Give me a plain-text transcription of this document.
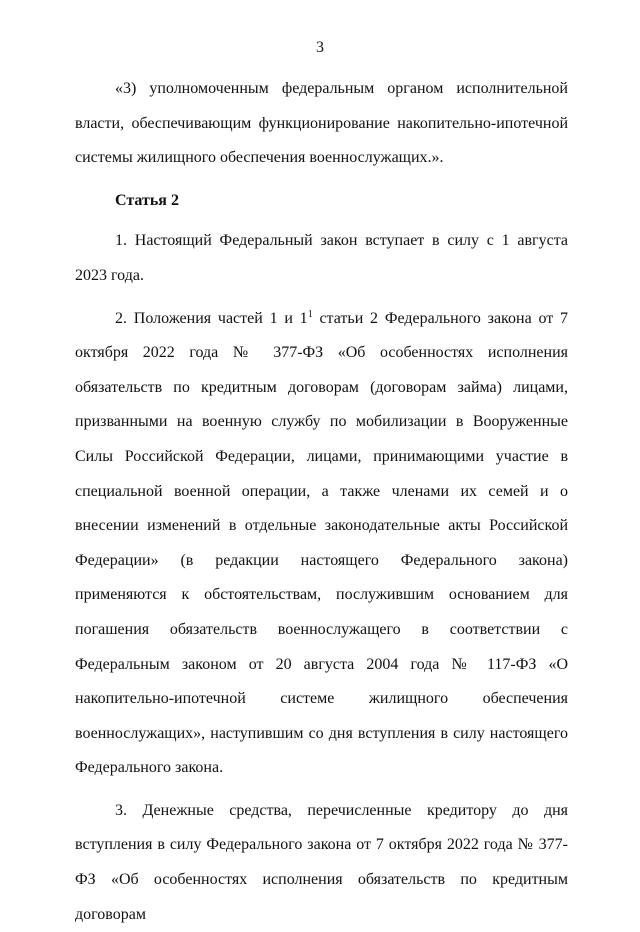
3

«3) уполномоченным федеральным органом исполнительной власти, обеспечивающим функционирование накопительно-ипотечной системы жилищного обеспечения военнослужащих.».

Статья 2

1. Настоящий Федеральный закон вступает в силу с 1 августа 2023 года.

2. Положения частей 1 и $1^1$ статьи 2 Федерального закона от 7 октября 2022 года № 377-ФЗ «Об особенностях исполнения обязательств по кредитным договорам (договорам займа) лицами, призванными на военную службу по мобилизации в Вооруженные Силы Российской Федерации, лицами, принимающими участие в специальной военной операции, а также членами их семей и о внесении изменений в отдельные законодательные акты Российской Федерации» (в редакции настоящего Федерального закона) применяются к обстоятельствам, послужившим основанием для погашения обязательств военнослужащего в соответствии с Федеральным законом от 20 августа 2004 года № 117-ФЗ «О накопительно-ипотечной системе жилищного обеспечения военнослужащих», наступившим со дня вступления в силу настоящего Федерального закона.

3. Денежные средства, перечисленные кредитору до дня вступления в силу Федерального закона от 7 октября 2022 года № 377-ФЗ «Об особенностях исполнения обязательств по кредитным договорам
